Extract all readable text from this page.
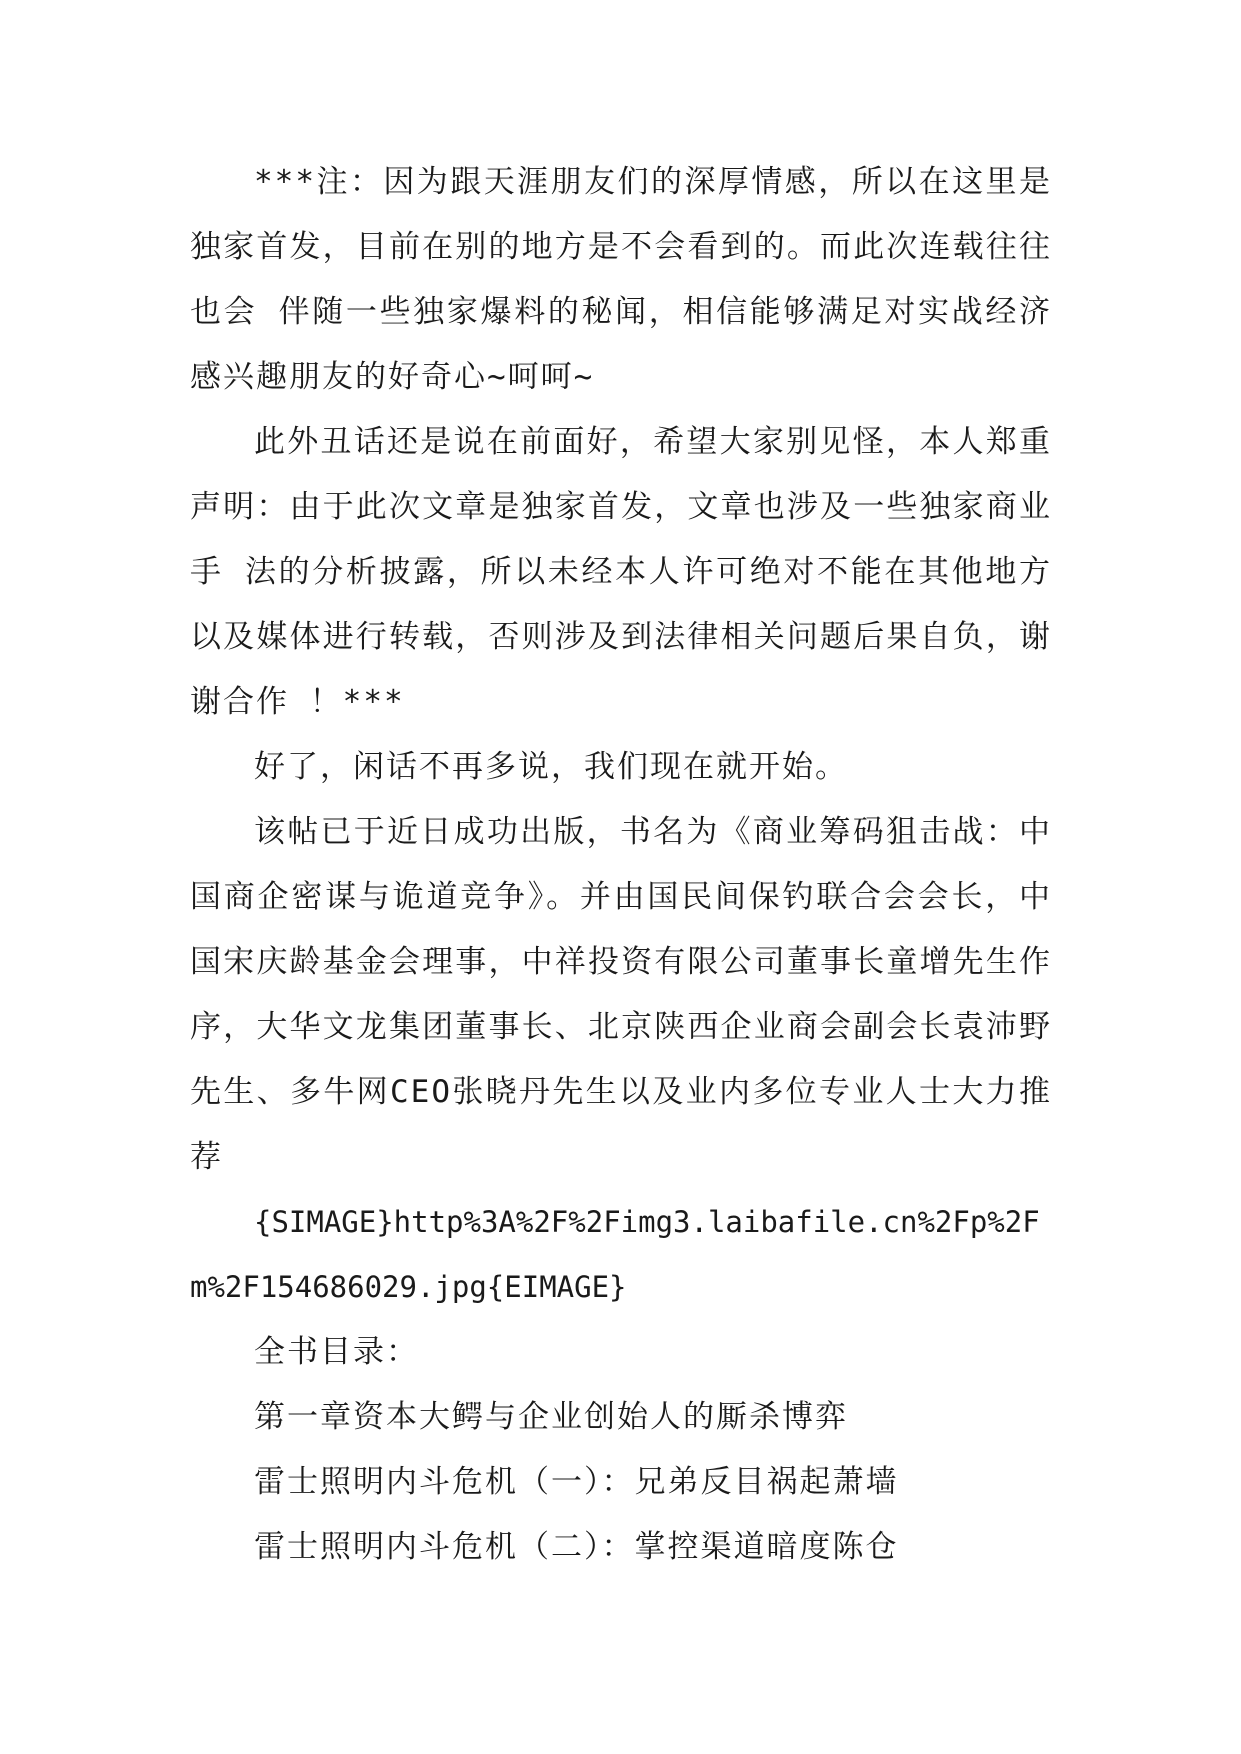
***注：因为跟天涯朋友们的深厚情感，所以在这里是独家首发，目前在别的地方是不会看到的。而此次连载往往也会 伴随一些独家爆料的秘闻，相信能够满足对实战经济感兴趣朋友的好奇心~呵呵~

此外丑话还是说在前面好，希望大家别见怪，本人郑重声明：由于此次文章是独家首发，文章也涉及一些独家商业手 法的分析披露，所以未经本人许可绝对不能在其他地方以及媒体进行转载，否则涉及到法律相关问题后果自负，谢谢合作 ！***

好了，闲话不再多说，我们现在就开始。

该帖已于近日成功出版，书名为《商业筹码狙击战：中国商企密谋与诡道竞争》。并由国民间保钓联合会会长，中国宋庆龄基金会理事，中祥投资有限公司董事长童增先生作序，大华文龙集团董事长、北京陕西企业商会副会长袁沛野先生、多牛网CEO张晓丹先生以及业内多位专业人士大力推荐

{SIMAGE}http%3A%2F%2Fimg3.laibafile.cn%2Fp%2Fm%2F154686029.jpg{EIMAGE}

全书目录：

第一章资本大鳄与企业创始人的厮杀博弈

雷士照明内斗危机（一）：兄弟反目祸起萧墙

雷士照明内斗危机（二）：掌控渠道暗度陈仓
